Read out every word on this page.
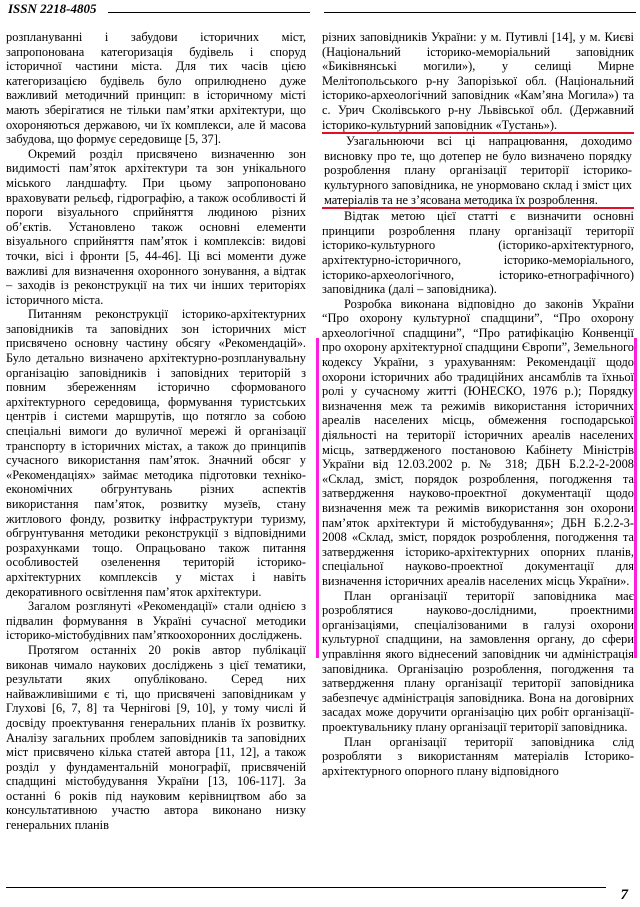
ISSN 2218-4805

розплануванні і забудови історичних міст, запропонована категоризація будівель і споруд історичної частини міста. Для тих часів цією категоризацією будівель було оприлюднено дуже важливий методичний принцип: в історичному місті мають зберігатися не тільки пам’ятки архітектури, що охороняються державою, чи їх комплекси, але й масова забудова, що формує середовище [5, 37].

Окремий розділ присвячено визначенню зон видимості пам’яток архітектури та зон унікального міського ландшафту. При цьому запропоновано враховувати рельєф, гідрографію, а також особливості й пороги візуального сприйняття людиною різних об’єктів. Установлено також основні елементи візуального сприйняття пам’яток і комплексів: видові точки, вісі і фронти [5, 44-46]. Ці всі моменти дуже важливі для визначення охоронного зонування, а відтак – заходів із реконструкції на тих чи інших територіях історичного міста.

Питанням реконструкції історико-архітектурних заповідників та заповідних зон історичних міст присвячено основну частину обсягу «Рекомендацій». Було детально визначено архітектурно-розпланувальну організацію заповідників і заповідних територій з повним збереженням історично сформованого архітектурного середовища, формування туристських центрів і системи маршрутів, що потягло за собою спеціальні вимоги до вуличної мережі й організації транспорту в історичних містах, а також до принципів сучасного використання пам’яток. Значний обсяг у «Рекомендаціях» займає методика підготовки техніко-економічних обгрунтувань різних аспектів використання пам’яток, розвитку музеїв, стану житлового фонду, розвитку інфраструктури туризму, обгрунтування методики реконструкції з відповідними розрахунками тощо. Опрацьовано також питання особливостей озеленення територій історико-архітектурних комплексів у містах і навіть декоративного освітлення пам’яток архітектури.

Загалом розглянуті «Рекомендації» стали однією з підвалин формування в Україні сучасної методики історико-містобудівних пам’яткоохоронних досліджень.

Протягом останніх 20 років автор публікації виконав чимало наукових досліджень з цієї тематики, результати яких опубліковано. Серед них найважливішими є ті, що присвячені заповідникам у Глухові [6, 7, 8] та Чернігові [9, 10], у тому числі й досвіду проектування генеральних планів їх розвитку. Аналізу загальних проблем заповідників та заповідних міст присвячено кілька статей автора [11, 12], а також розділ у фундаментальній монографії, присвяченій спадщині містобудування України [13, 106-117]. За останні 6 років під науковим керівництвом або за консультативною участю автора виконано низку генеральних планів

різних заповідників України: у м. Путивлі [14], у м. Києві (Національний історико-меморіальний заповідник «Биківнянські могили»), у селищі Мирне Мелітопольського р-ну Запорізької обл. (Національний історико-археологічний заповідник «Кам’яна Могила») та с. Урич Сколівського р-ну Львівської обл. (Державний історико-культурний заповідник «Тустань»).

Узагальнюючи всі ці напрацювання, доходимо висновку про те, що дотепер не було визначено порядку розроблення плану організації території історико-культурного заповідника, не унормовано склад і зміст цих матеріалів та не з’ясована методика їх розроблення.

Відтак метою цієї статті є визначити основні принципи розроблення плану організації території історико-культурного (історико-архітектурного, архітектурно-історичного, історико-меморіального, історико-археологічного, історико-етнографічного) заповідника (далі – заповідника).

Розробка виконана відповідно до законів України “Про охорону культурної спадщини”, “Про охорону археологічної спадщини”, “Про ратифікацію Конвенції про охорону архітектурної спадщини Європи”, Земельного кодексу України, з урахуванням: Рекомендації щодо охорони історичних або традиційних ансамблів та їхньої ролі у сучасному житті (ЮНЕСКО, 1976 р.); Порядку визначення меж та режимів використання історичних ареалів населених місць, обмеження господарської діяльності на території історичних ареалів населених місць, затвердженого постановою Кабінету Міністрів України від 12.03.2002 р. № 318; ДБН Б.2.2-2-2008 «Склад, зміст, порядок розроблення, погодження та затвердження науково-проектної документації щодо визначення меж та режимів використання зон охорони пам’яток архітектури й містобудування»; ДБН Б.2.2-3-2008 «Склад, зміст, порядок розроблення, погодження та затвердження історико-архітектурних опорних планів, спеціальної науково-проектної документації для визначення історичних ареалів населених місць України».

План організації території заповідника має розроблятися науково-дослідними, проектними організаціями, спеціалізованими в галузі охорони культурної спадщини, на замовлення органу, до сфери управління якого віднесений заповідник чи адміністрація заповідника. Організацію розроблення, погодження та затвердження плану організації території заповідника забезпечує адміністрація заповідника. Вона на договірних засадах може доручити організацію цих робіт організації-проектувальнику плану організації території заповідника.

План організації території заповідника слід розробляти з використанням матеріалів Історико-архітектурного опорного плану відповідного

7
